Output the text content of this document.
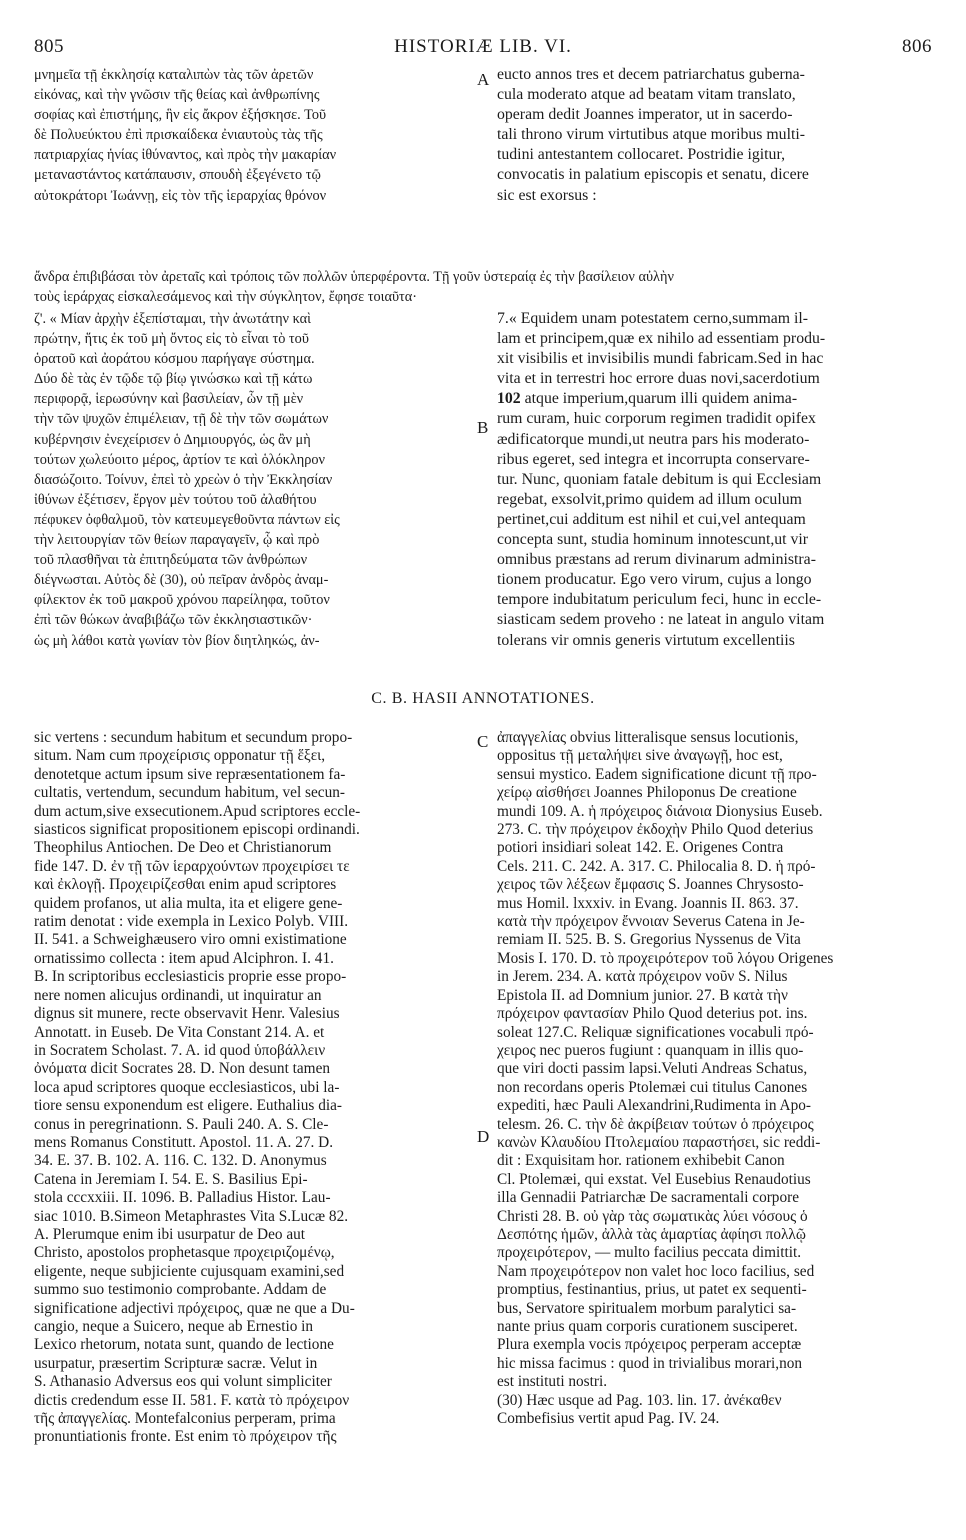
805	HISTORIÆ LIB. VI.	806
A
B
C
D

μνημεῖα τῇ ἐκκλησίᾳ καταλιπὼν τὰς τῶν ἀρετῶν

εἰκόνας, καὶ τὴν γνῶσιν τῆς θείας καὶ ἀνθρωπίνης

σοφίας καὶ ἐπιστήμης, ἣν εἰς ἄκρον ἐξήσκησε. Τοῦ

δὲ Πολυεύκτου ἐπὶ πρισκαίδεκα ἐνιαυτοὺς τὰς τῆς

πατριαρχίας ἡνίας ἰθύναντος, καὶ πρὸς τὴν μακαρίαν

μεταναστάντος κατάπαυσιν, σπουδὴ ἐξεγένετο τῷ

αὐτοκράτορι Ἰωάννῃ, εἰς τὸν τῆς ἱεραρχίας θρόνον

eucto annos tres et decem patriarchatus guberna-

cula moderato atque ad beatam vitam translato,

operam dedit Joannes imperator, ut in sacerdo-

tali throno virum virtutibus atque moribus multi-

tudini antestantem collocaret. Postridie igitur,

convocatis in palatium episcopis et senatu, dicere

sic est exorsus :

ἄνδρα ἐπιβιβάσαι τὸν ἀρεταῖς καὶ τρόποις τῶν πολλῶν ὑπερφέροντα. Τῇ γοῦν ὑστεραίᾳ ἐς τὴν βασίλειον αὐλὴν

τοὺς ἱεράρχας εἰσκαλεσάμενος καὶ τὴν σύγκλητον, ἔφησε τοιαῦτα·

ζ'. « Μίαν ἀρχὴν ἐξεπίσταμαι, τὴν ἀνωτάτην καὶ

πρώτην, ἥτις ἐκ τοῦ μὴ ὄντος εἰς τὸ εἶναι τὸ τοῦ

ὁρατοῦ καὶ ἀοράτου κόσμου παρήγαγε σύστημα.

Δύο δὲ τὰς ἐν τῷδε τῷ βίῳ γινώσκω καὶ τῇ κάτω

περιφορᾷ, ἱερωσύνην καὶ βασιλείαν, ὧν τῇ μὲν

τὴν τῶν ψυχῶν ἐπιμέλειαν, τῇ δὲ τὴν τῶν σωμάτων

κυβέρνησιν ἐνεχείρισεν ὁ Δημιουργός, ὡς ἂν μὴ

τούτων χωλεύοιτο μέρος, ἀρτίον τε καὶ ὁλόκληρον

διασώζοιτο. Τοίνυν, ἐπεὶ τὸ χρεὼν ὁ τὴν Ἐκκλησίαν

ἰθύνων ἐξέτισεν, ἔργον μὲν τούτου τοῦ ἀλαθήτου

πέφυκεν ὀφθαλμοῦ, τὸν κατευμεγεθοῦντα πάντων εἰς

τὴν λειτουργίαν τῶν θείων παραγαγεῖν, ᾧ καὶ πρὸ

τοῦ πλασθῆναι τὰ ἐπιτηδεύματα τῶν ἀνθρώπων

διέγνωσται. Αὐτὸς δὲ (30), οὐ πεῖραν ἀνδρὸς ἀναμ-

φίλεκτον ἐκ τοῦ μακροῦ χρόνου παρείληφα, τοῦτον

ἐπὶ τῶν θώκων ἀναβιβάζω τῶν ἐκκλησιαστικῶν·

ὡς μὴ λάθοι κατὰ γωνίαν τὸν βίον διητληκώς, ἀν-

7.« Equidem unam potestatem cerno,summam il-

lam et principem,quæ ex nihilo ad essentiam produ-

xit visibilis et invisibilis mundi fabricam.Sed in hac

vita et in terrestri hoc errore duas novi,sacerdotium

102 atque imperium,quarum illi quidem anima-

rum curam, huic corporum regimen tradidit opifex

ædificatorque mundi,ut neutra pars his moderato-

ribus egeret, sed integra et incorrupta conservare-

tur. Nunc, quoniam fatale debitum is qui Ecclesiam

regebat, exsolvit,primo quidem ad illum oculum

pertinet,cui additum est nihil et cui,vel antequam

concepta sunt, studia hominum innotescunt,ut vir

omnibus præstans ad rerum divinarum administra-

tionem producatur. Ego vero virum, cujus a longo

tempore indubitatum periculum feci, hunc in eccle-

siasticam sedem proveho : ne lateat in angulo vitam

tolerans vir omnis generis virtutum excellentiis

C. B. HASII ANNOTATIONES.

sic vertens : secundum habitum et secundum propo-

situm. Nam cum προχείρισις opponatur τῇ ἕξει,

denotetque actum ipsum sive repræsentationem fa-

cultatis, vertendum, secundum habitum, vel secun-

dum actum,sive exsecutionem.Apud scriptores eccle-

siasticos significat propositionem episcopi ordinandi.

Theophilus Antiochen. De Deo et Christianorum

fide 147. D. ἐν τῇ τῶν ἱεραρχούντων προχειρίσει τε

καὶ ἐκλογῇ. Προχειρίζεσθαι enim apud scriptores

quidem profanos, ut alia multa, ita et eligere gene-

ratim denotat : vide exempla in Lexico Polyb. VIII.

II. 541. a Schweighæusero viro omni existimatione

ornatissimo collecta : item apud Alciphron. I. 41.

B. In scriptoribus ecclesiasticis proprie esse propo-

nere nomen alicujus ordinandi, ut inquiratur an

dignus sit munere, recte observavit Henr. Valesius

Annotatt. in Euseb. De Vita Constant 214. A. et

in Socratem Scholast. 7. A. id quod ὑποβάλλειν

ὀνόματα dicit Socrates 28. D. Non desunt tamen

loca apud scriptores quoque ecclesiasticos, ubi la-

tiore sensu exponendum est eligere. Euthalius dia-

conus in peregrinationn. S. Pauli 240. A. S. Cle-

mens Romanus Constitutt. Apostol. 11. A. 27. D.

34. E. 37. B. 102. A. 116. C. 132. D. Anonymus

Catena in Jeremiam I. 54. E. S. Basilius Epi-

stola cccxxiii. II. 1096. B. Palladius Histor. Lau-

siac 1010. B.Simeon Metaphrastes Vita S.Lucæ 82.

A. Plerumque enim ibi usurpatur de Deo aut

Christo, apostolos prophetasque προχειριζομένῳ,

eligente, neque subjiciente cujusquam examini,sed

summo suo testimonio comprobante. Addam de

significatione adjectivi πρόχειρος, quæ ne que a Du-

cangio, neque a Suicero, neque ab Ernestio in

Lexico rhetorum, notata sunt, quando de lectione

usurpatur, præsertim Scripturæ sacræ. Velut in

S. Athanasio Adversus eos qui volunt simpliciter

dictis credendum esse II. 581. F. κατὰ τὸ πρόχειρον

τῆς ἀπαγγελίας. Montefalconius perperam, prima

pronuntiationis fronte. Est enim τὸ πρόχειρον τῆς

ἀπαγγελίας obvius litteralisque sensus locutionis,

oppositus τῇ μεταλήψει sive ἀναγωγῇ, hoc est,

sensui mystico. Eadem significatione dicunt τῇ προ-

χείρῳ αἰσθήσει Joannes Philoponus De creatione

mundi 109. A. ἡ πρόχειρος διάνοια Dionysius Euseb.

273. C. τὴν πρόχειρον ἐκδοχὴν Philo Quod deterius

potiori insidiari soleat 142. E. Origenes Contra

Cels. 211. C. 242. A. 317. C. Philocalia 8. D. ἡ πρό-

χειρος τῶν λέξεων ἔμφασις S. Joannes Chrysosto-

mus Homil. lxxxiv. in Evang. Joannis II. 863. 37.

κατὰ τὴν πρόχειρον ἔννοιαν Severus Catena in Je-

remiam II. 525. B. S. Gregorius Nyssenus de Vita

Mosis I. 170. D. τὸ προχειρότερον τοῦ λόγου Origenes

in Jerem. 234. A. κατὰ πρόχειρον νοῦν S. Nilus

Epistola II. ad Domnium junior. 27. B κατὰ τὴν

πρόχειρον φαντασίαν Philo Quod deterius pot. ins.

soleat 127.C. Reliquæ significationes vocabuli πρό-

χειρος nec pueros fugiunt : quanquam in illis quo-

que viri docti passim lapsi.Veluti Andreas Schatus,

non recordans operis Ptolemæi cui titulus Canones

expediti, hæc Pauli Alexandrini,Rudimenta in Apo-

telesm. 26. C. τὴν δὲ ἀκρίβειαν τούτων ὁ πρόχειρος

κανὼν Κλαυδίου Πτολεμαίου παραστήσει, sic reddi-

dit : Exquisitam hor. rationem exhibebit Canon

Cl. Ptolemæi, qui exstat. Vel Eusebius Renaudotius

illa Gennadii Patriarchæ De sacramentali corpore

Christi 28. B. οὐ γὰρ τὰς σωματικὰς λύει νόσους ὁ

Δεσπότης ἡμῶν, ἀλλὰ τὰς ἁμαρτίας ἀφίησι πολλῷ

προχειρότερον, — multo facilius peccata dimittit.

Nam προχειρότερον non valet hoc loco facilius, sed

promptius, festinantius, prius, ut patet ex sequenti-

bus, Servatore spiritualem morbum paralytici sa-

nante prius quam corporis curationem susciperet.

Plura exempla vocis πρόχειρος perperam acceptæ

hic missa facimus : quod in trivialibus morari,non

est instituti nostri.

(30) Hæc usque ad Pag. 103. lin. 17. ἀνέκαθεν

Combefisius vertit apud Pag. IV. 24.
